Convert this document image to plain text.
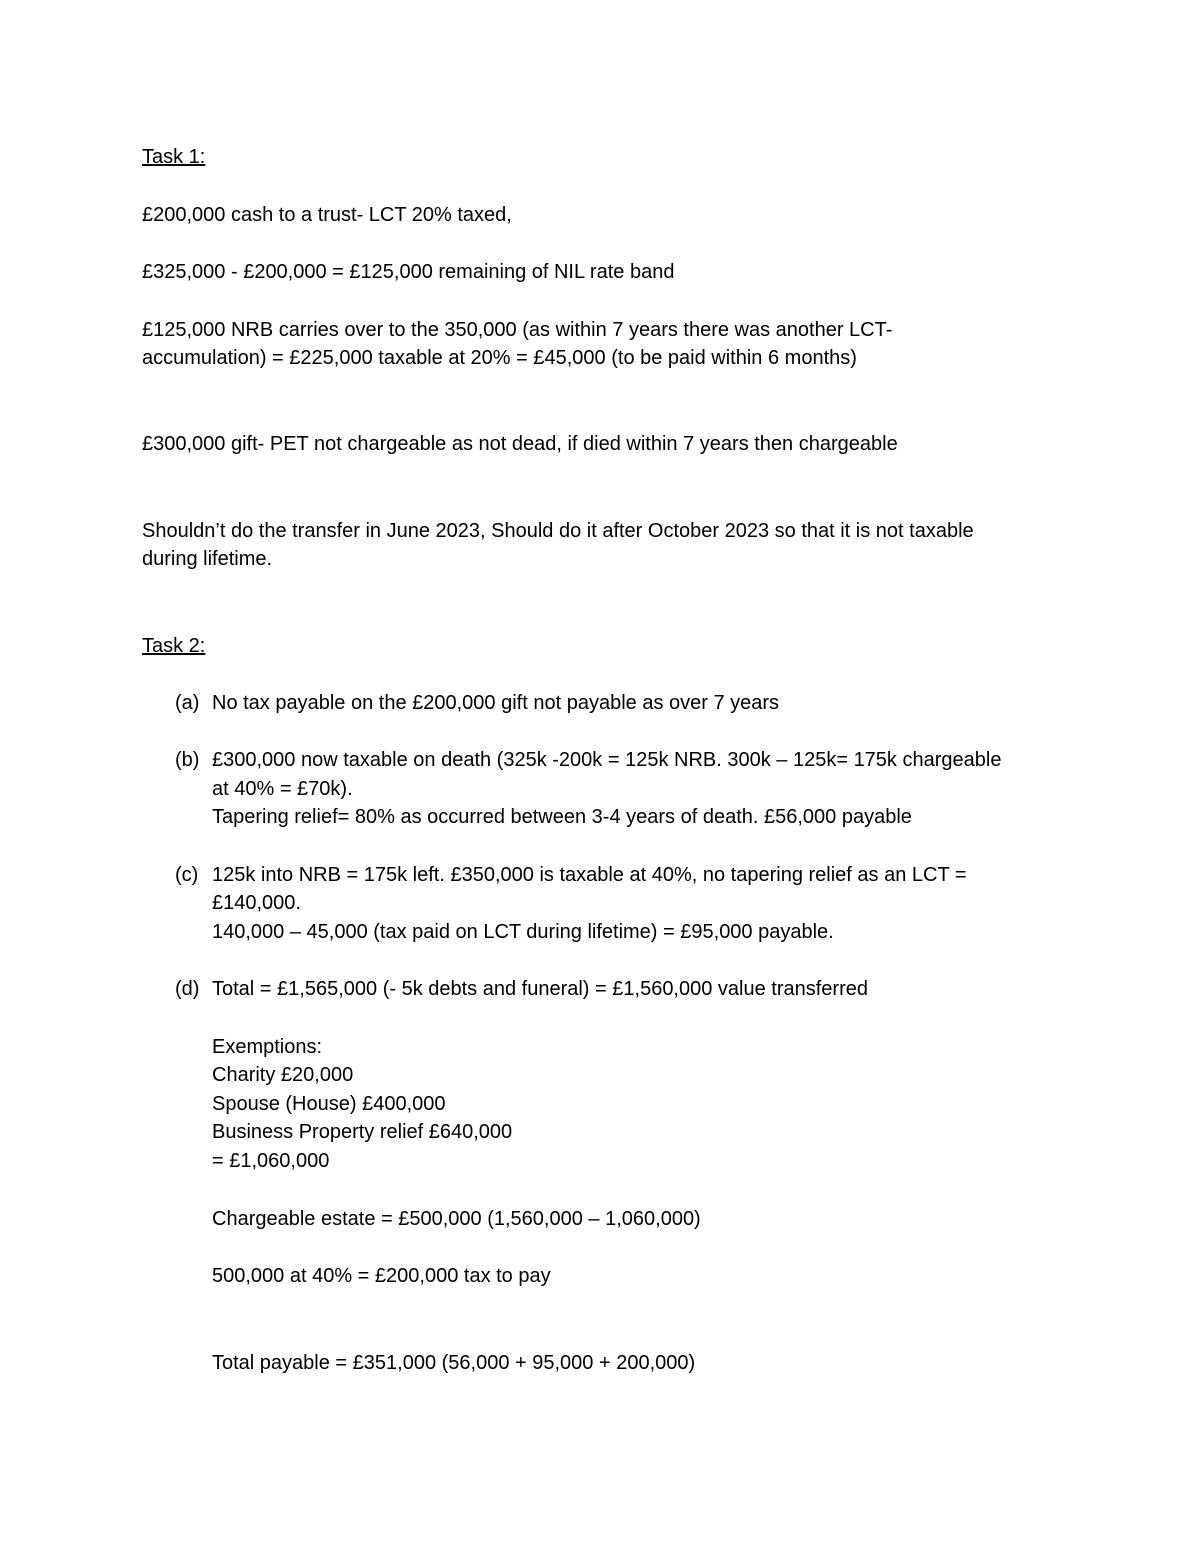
Task 1:
£200,000 cash to a trust- LCT 20% taxed,
£325,000 - £200,000 = £125,000 remaining of NIL rate band
£125,000 NRB carries over to the 350,000 (as within 7 years there was another LCT-
accumulation) = £225,000 taxable at 20% = £45,000 (to be paid within 6 months)
£300,000 gift- PET not chargeable as not dead, if died within 7 years then chargeable
Shouldn’t do the transfer in June 2023, Should do it after October 2023 so that it is not taxable
during lifetime.
Task 2:
(a) No tax payable on the £200,000 gift not payable as over 7 years
(b) £300,000 now taxable on death (325k -200k = 125k NRB. 300k – 125k= 175k chargeable
at 40% = £70k).
Tapering relief= 80% as occurred between 3-4 years of death. £56,000 payable
(c) 125k into NRB = 175k left. £350,000 is taxable at 40%, no tapering relief as an LCT =
£140,000.
140,000 – 45,000 (tax paid on LCT during lifetime) = £95,000 payable.
(d) Total = £1,565,000 (- 5k debts and funeral) = £1,560,000 value transferred
Exemptions:
Charity £20,000
Spouse (House) £400,000
Business Property relief £640,000
= £1,060,000
Chargeable estate = £500,000 (1,560,000 – 1,060,000)
500,000 at 40% = £200,000 tax to pay
Total payable = £351,000 (56,000 + 95,000 + 200,000)
